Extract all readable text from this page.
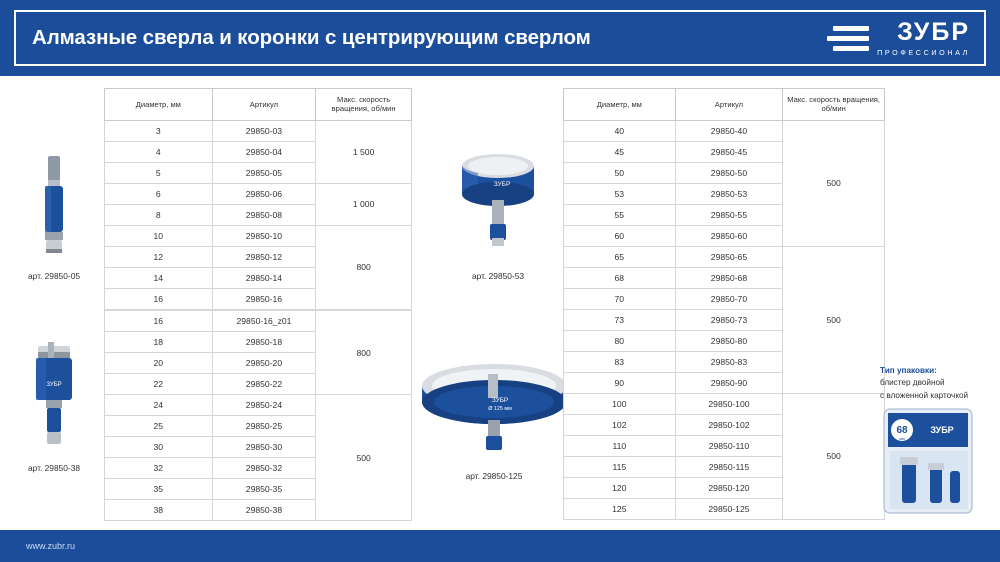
Алмазные сверла и коронки с центрирующим сверлом	ЗУБР
ПРОФЕССИОНАЛ
арт. 29850-05
ЗУБР
арт. 29850-38
ЗУБР
арт. 29850-53
ЗУБР
Ø 125 мм
арт. 29850-125
Диаметр, мм	Артикул	Макс. скорость вращения, об/мин
3	29850-03	1 500
4	29850-04	
5	29850-05	
6	29850-06	1 000
8	29850-08	
10	29850-10	800
12	29850-12	
14	29850-14	
16	29850-16	
16	29850-16_z01	800
18	29850-18	
20	29850-20	
22	29850-22	
24	29850-24	500
25	29850-25	
30	29850-30	
32	29850-32	
35	29850-35	
38	29850-38	
Диаметр, мм	Артикул	Макс. скорость вращения, об/мин
40	29850-40	500
45	29850-45	
50	29850-50	
53	29850-53	
55	29850-55	
60	29850-60	
65	29850-65	500
68	29850-68	
70	29850-70	
73	29850-73	
80	29850-80	
83	29850-83	
90	29850-90	
100	29850-100	500
102	29850-102	
110	29850-110	
115	29850-115	
120	29850-120	
125	29850-125	
Тип упаковки:
блистер двойной
с вложенной карточкой
68
мм
ЗУБР
www.zubr.ru
